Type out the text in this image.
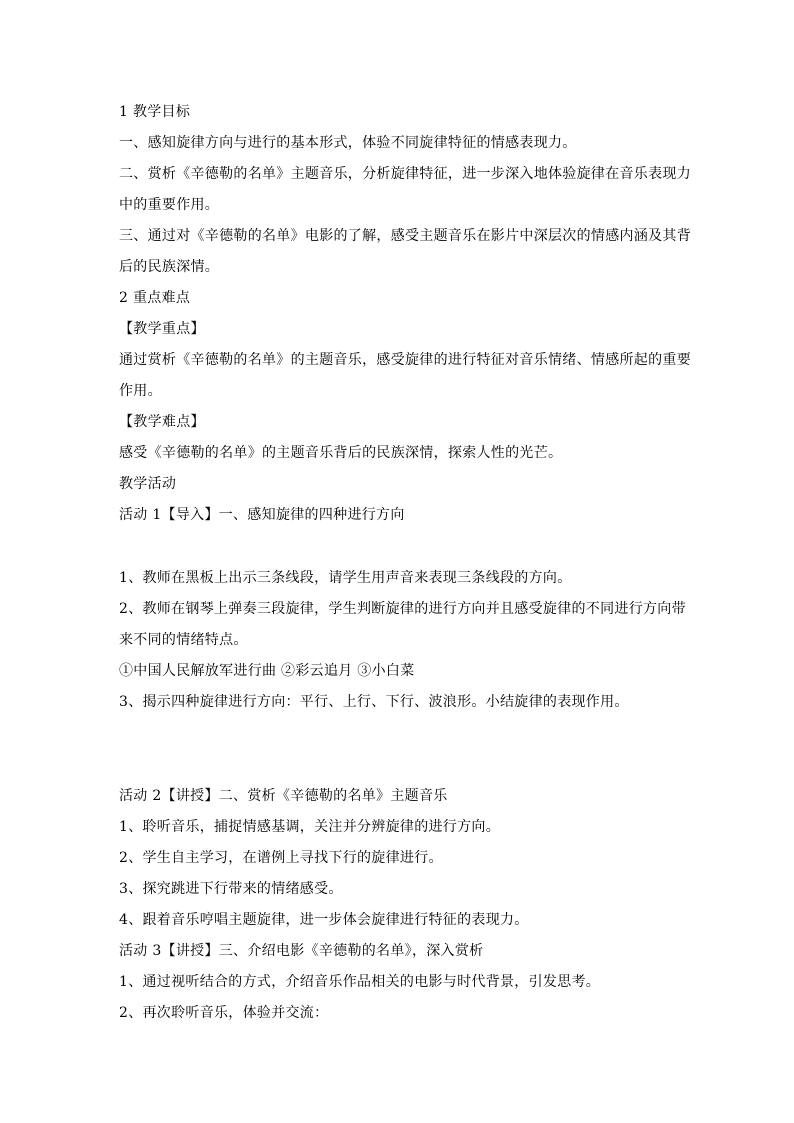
1 教学目标
一、感知旋律方向与进行的基本形式，体验不同旋律特征的情感表现力。
二、赏析《辛德勒的名单》主题音乐，分析旋律特征，进一步深入地体验旋律在音乐表现力
中的重要作用。
三、通过对《辛德勒的名单》电影的了解，感受主题音乐在影片中深层次的情感内涵及其背
后的民族深情。
2 重点难点
【教学重点】
通过赏析《辛德勒的名单》的主题音乐，感受旋律的进行特征对音乐情绪、情感所起的重要
作用。
【教学难点】
感受《辛德勒的名单》的主题音乐背后的民族深情，探索人性的光芒。
教学活动
活动 1【导入】一、感知旋律的四种进行方向
1、教师在黑板上出示三条线段，请学生用声音来表现三条线段的方向。
2、教师在钢琴上弹奏三段旋律，学生判断旋律的进行方向并且感受旋律的不同进行方向带
来不同的情绪特点。
①中国人民解放军进行曲 ②彩云追月 ③小白菜
3、揭示四种旋律进行方向：平行、上行、下行、波浪形。小结旋律的表现作用。
活动 2【讲授】二、赏析《辛德勒的名单》主题音乐
1、聆听音乐，捕捉情感基调，关注并分辨旋律的进行方向。
2、学生自主学习，在谱例上寻找下行的旋律进行。
3、探究跳进下行带来的情绪感受。
4、跟着音乐哼唱主题旋律，进一步体会旋律进行特征的表现力。
活动 3【讲授】三、介绍电影《辛德勒的名单》，深入赏析
1、通过视听结合的方式，介绍音乐作品相关的电影与时代背景，引发思考。
2、再次聆听音乐，体验并交流：
